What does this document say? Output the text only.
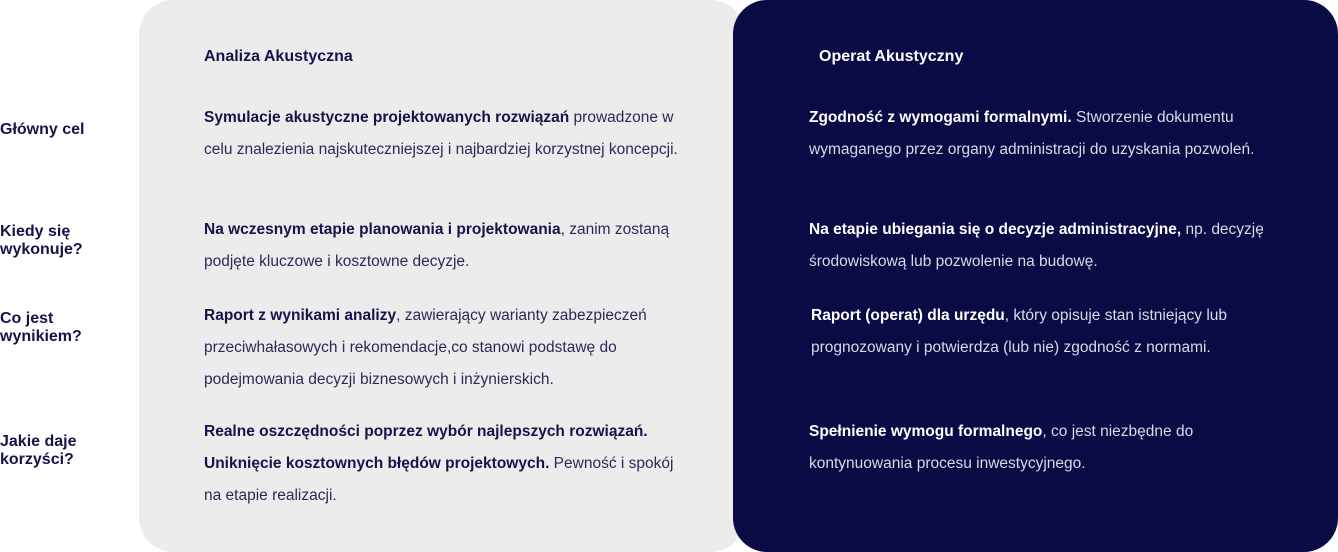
Analiza Akustyczna	Operat Akustyczny
Główny cel
Symulacje akustyczne projektowanych rozwiązań prowadzone w celu znalezienia najskuteczniejszej i najbardziej korzystnej koncepcji.
Zgodność z wymogami formalnymi. Stworzenie dokumentu wymaganego przez organy administracji do uzyskania pozwoleń.
Kiedy się wykonuje?
Na wczesnym etapie planowania i projektowania, zanim zostaną podjęte kluczowe i kosztowne decyzje.
Na etapie ubiegania się o decyzje administracyjne, np. decyzję środowiskową lub pozwolenie na budowę.
Co jest wynikiem?
Raport z wynikami analizy, zawierający warianty zabezpieczeń przeciwhałasowych i rekomendacje,co stanowi podstawę do podejmowania decyzji biznesowych i inżynierskich.
Raport (operat) dla urzędu, który opisuje stan istniejący lub prognozowany i potwierdza (lub nie) zgodność z normami.
Jakie daje korzyści?
Realne oszczędności poprzez wybór najlepszych rozwiązań. Uniknięcie kosztownych błędów projektowych. Pewność i spokój na etapie realizacji.
Spełnienie wymogu formalnego, co jest niezbędne do kontynuowania procesu inwestycyjnego.
